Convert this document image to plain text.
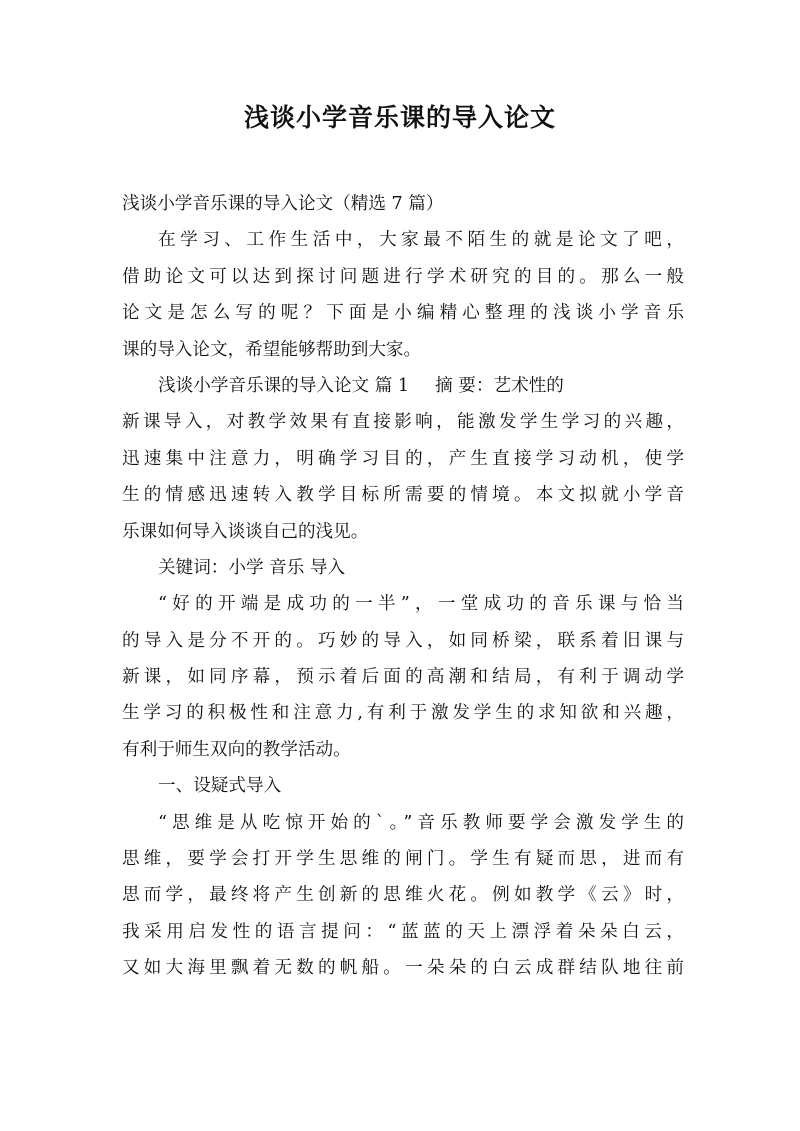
浅谈小学音乐课的导入论文
浅谈小学音乐课的导入论文（精选 7 篇）
在学习、工作生活中，大家最不陌生的就是论文了吧，
借助论文可以达到探讨问题进行学术研究的目的。那么一般
论文是怎么写的呢？下面是小编精心整理的浅谈小学音乐
课的导入论文，希望能够帮助到大家。
浅谈小学音乐课的导入论文 篇 1 摘 要：艺术性的
新课导入，对教学效果有直接影响，能激发学生学习的兴趣，
迅速集中注意力，明确学习目的，产生直接学习动机，使学
生的情感迅速转入教学目标所需要的情境。本文拟就小学音
乐课如何导入谈谈自己的浅见。
关键词：小学 音乐 导入
“好的开端是成功的一半”，一堂成功的音乐课与恰当
的导入是分不开的。巧妙的导入，如同桥梁，联系着旧课与
新课，如同序幕，预示着后面的高潮和结局，有利于调动学
生学习的积极性和注意力,有利于激发学生的求知欲和兴趣，
有利于师生双向的教学活动。
一、设疑式导入
“思维是从吃惊开始的`。”音乐教师要学会激发学生的
思维，要学会打开学生思维的闸门。学生有疑而思，进而有
思而学，最终将产生创新的思维火花。例如教学《云》时，
我采用启发性的语言提问：“蓝蓝的天上漂浮着朵朵白云，
又如大海里飘着无数的帆船。一朵朵的白云成群结队地往前
